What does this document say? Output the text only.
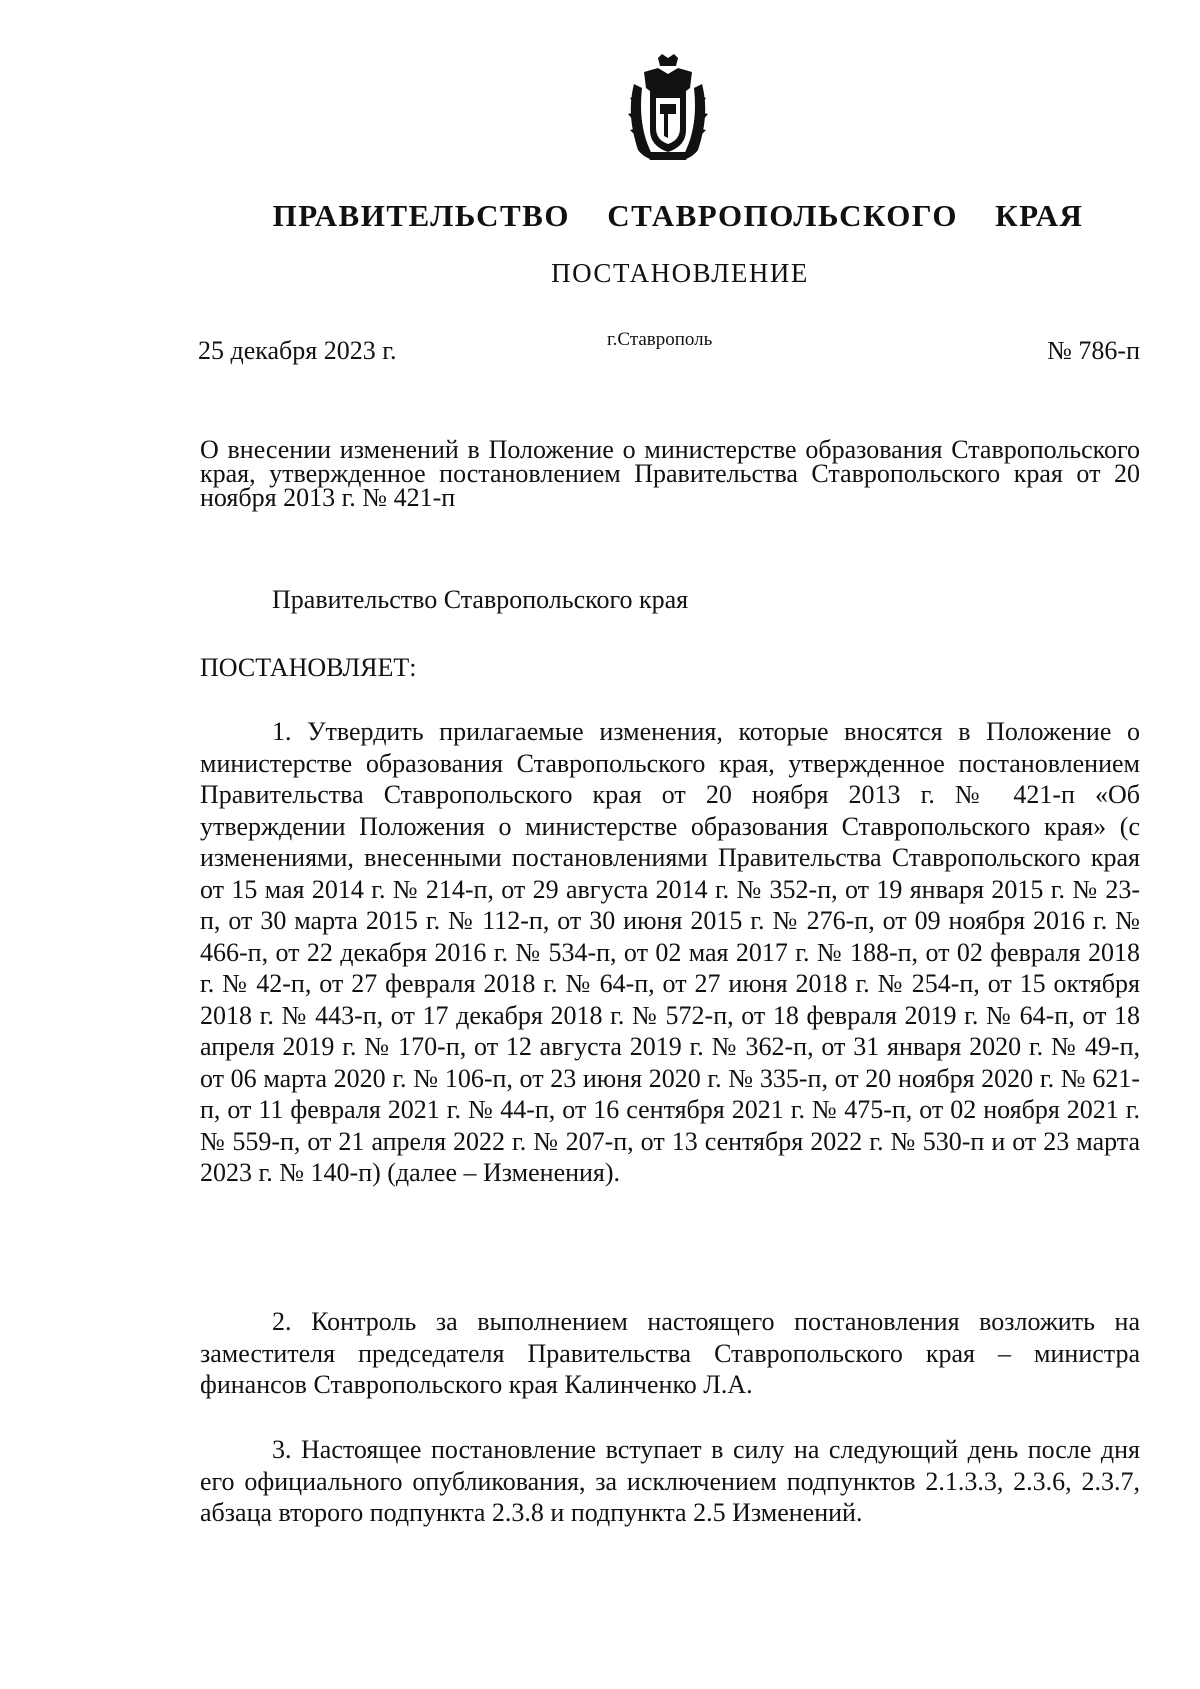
ПРАВИТЕЛЬСТВО СТАВРОПОЛЬСКОГО КРАЯ
ПОСТАНОВЛЕНИЕ
25 декабря 2023 г.	г.Ставрополь	№ 786-п
О внесении изменений в Положение о министерстве образования Ставропольского края, утвержденное постановлением Правительства Ставропольского края от 20 ноября 2013 г. № 421-п
Правительство Ставропольского края
ПОСТАНОВЛЯЕТ:
1. Утвердить прилагаемые изменения, которые вносятся в Положение о министерстве образования Ставропольского края, утвержденное постановлением Правительства Ставропольского края от 20 ноября 2013 г. № 421-п «Об утверждении Положения о министерстве образования Ставропольского края» (с изменениями, внесенными постановлениями Правительства Ставропольского края от 15 мая 2014 г. № 214-п, от 29 августа 2014 г. № 352-п, от 19 января 2015 г. № 23-п, от 30 марта 2015 г. № 112-п, от 30 июня 2015 г. № 276-п, от 09 ноября 2016 г. № 466-п, от 22 декабря 2016 г. № 534-п, от 02 мая 2017 г. № 188-п, от 02 февраля 2018 г. № 42-п, от 27 февраля 2018 г. № 64-п, от 27 июня 2018 г. № 254-п, от 15 октября 2018 г. № 443-п, от 17 декабря 2018 г. № 572-п, от 18 февраля 2019 г. № 64-п, от 18 апреля 2019 г. № 170-п, от 12 августа 2019 г. № 362-п, от 31 января 2020 г. № 49-п, от 06 марта 2020 г. № 106-п, от 23 июня 2020 г. № 335-п, от 20 ноября 2020 г. № 621-п, от 11 февраля 2021 г. № 44-п, от 16 сентября 2021 г. № 475-п, от 02 ноября 2021 г. № 559-п, от 21 апреля 2022 г. № 207-п, от 13 сентября 2022 г. № 530-п и от 23 марта 2023 г. № 140-п) (далее – Изменения).
2. Контроль за выполнением настоящего постановления возложить на заместителя председателя Правительства Ставропольского края – министра финансов Ставропольского края Калинченко Л.А.
3. Настоящее постановление вступает в силу на следующий день после дня его официального опубликования, за исключением подпунктов 2.1.3.3, 2.3.6, 2.3.7, абзаца второго подпункта 2.3.8 и подпункта 2.5 Изменений.
